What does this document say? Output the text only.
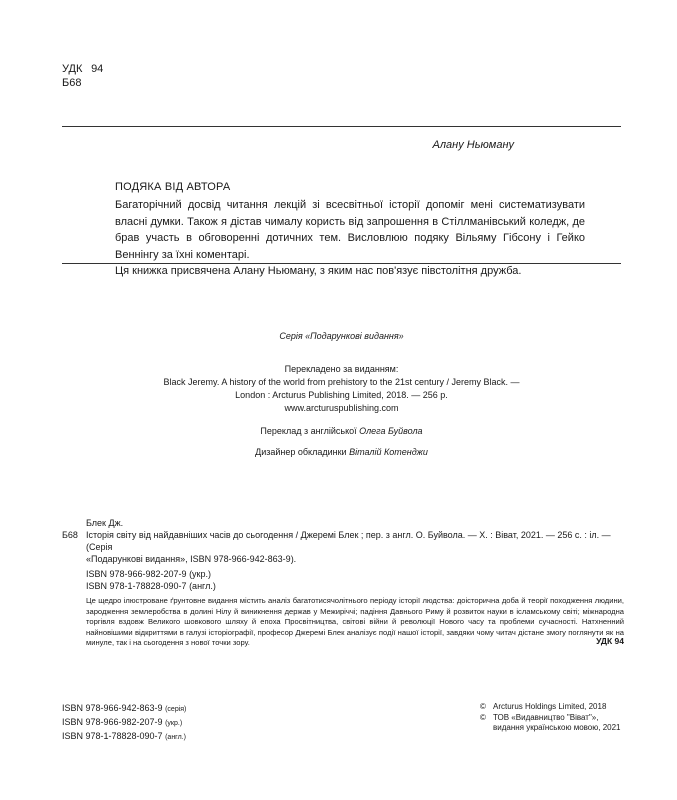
УДК 94
Б68
Алану Ньюману
ПОДЯКА ВІД АВТОРА

Багаторічний досвід читання лекцій зі всесвітньої історії допоміг мені систематизувати власні думки. Також я дістав чималу користь від запрошення в Стіллманівський коледж, де брав участь в обговоренні дотичних тем. Висловлюю подяку Вільяму Гібсону і Гейко Веннінгу за їхні коментарі.

Ця книжка присвячена Алану Ньюману, з яким нас пов'язує півстолітня дружба.

Серія «Подарункові видання»
Перекладено за виданням:
Black Jeremy. A history of the world from prehistory to the 21st century / Jeremy Black. —
London : Arcturus Publishing Limited, 2018. — 256 p.
www.arcturuspublishing.com
Переклад з англійської Олега Буйвола
Дизайнер обкладинки Віталій Котенджи
Блек Дж.
Б68 Історія світу від найдавніших часів до сьогодення / Джеремі Блек ; пер. з англ. О. Буйвола. — Х. : Віват, 2021. — 256 с. : іл. — (Серія
«Подарункові видання», ISBN 978-966-942-863-9).
ISBN 978-966-982-207-9 (укр.)
ISBN 978-1-78828-090-7 (англ.)
Це щедро ілюстроване ґрунтовне видання містить аналіз багатотисячолітнього періоду історії людства: доісторична доба й теорії походження людини, зародження землеробства в долині Нілу й виникнення держав у Межиріччі; падіння Давнього Риму й розвиток науки в ісламському світі; міжнародна торгівля вздовж Великого шовкового шляху й епоха Просвітництва, світові війни й революції Нового часу та проблеми сучасності. Натхненний найновішими відкриттями в галузі історіографії, професор Джеремі Блек аналізує події нашої історії, завдяки чому читач дістане змогу поглянути як на минуле, так і на сьогодення з нової точки зору.	УДК 94
ISBN 978-966-942-863-9 (серія)
ISBN 978-966-982-207-9 (укр.)
ISBN 978-1-78828-090-7 (англ.)
© Arcturus Holdings Limited, 2018
© ТОВ «Видавництво "Віват"», видання українською мовою, 2021
